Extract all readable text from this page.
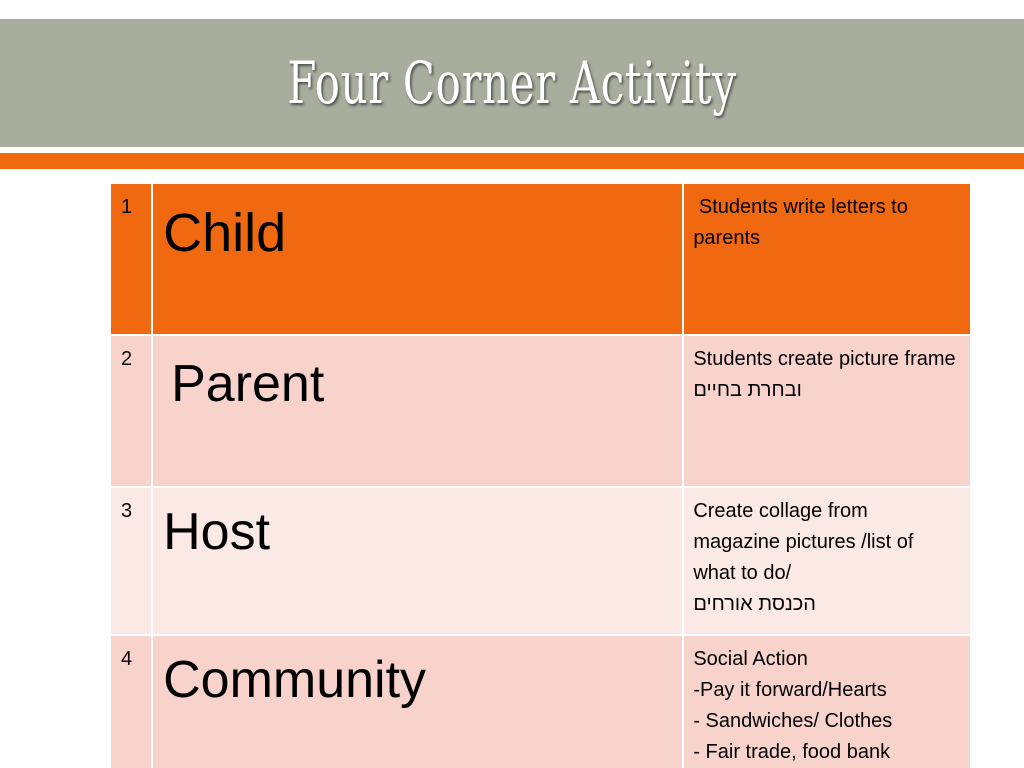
Four Corner Activity
1	Child	Students write letters to parents

2	Parent	Students create picture frame
ובחרת בחיים

3	Host	Create collage from magazine pictures /list of what to do/
הכנסת אורחים

4	Community	Social Action
-Pay it forward/Hearts
- Sandwiches/ Clothes
- Fair trade, food bank
